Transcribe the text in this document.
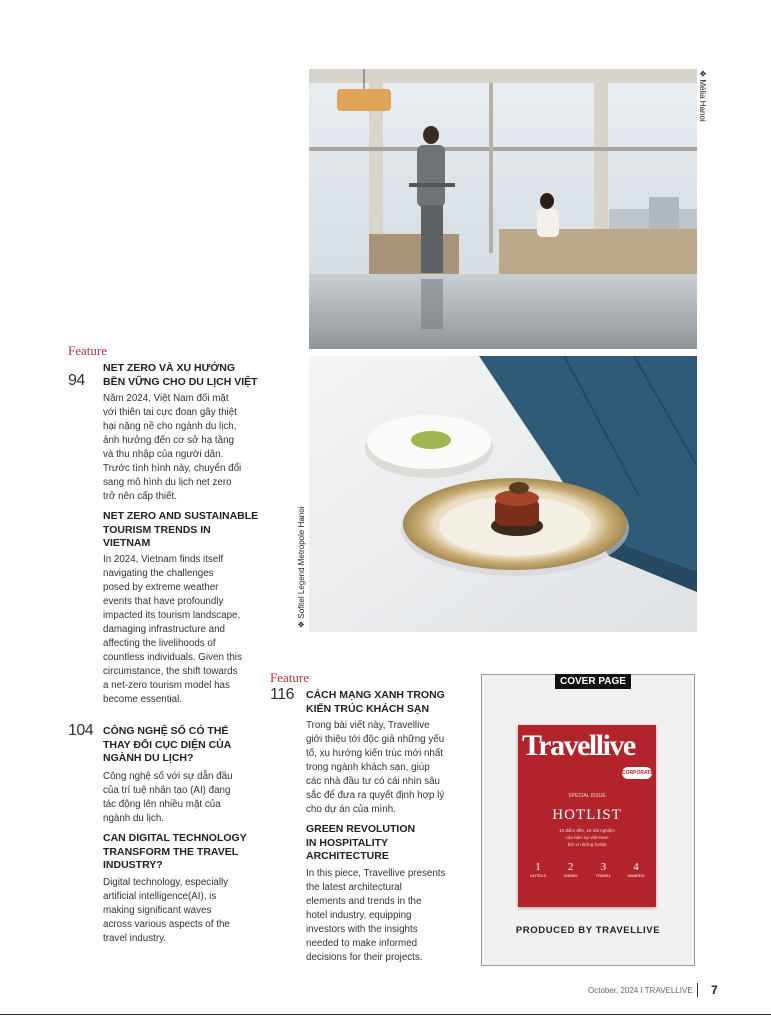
❖ Mélia Hanoi
❖ Sofitel Legend Metropole Hanoi
Feature
94
NET ZERO VÀ XU HƯỚNG
BỀN VỮNG CHO DU LỊCH VIỆT
Năm 2024, Việt Nam đối mặt
với thiên tai cực đoan gây thiệt
hại nặng nề cho ngành du lịch,
ảnh hưởng đến cơ sở hạ tầng
và thu nhập của người dân.
Trước tình hình này, chuyển đổi
sang mô hình du lịch net zero
trở nên cấp thiết.
NET ZERO AND SUSTAINABLE
TOURISM TRENDS IN
VIETNAM
In 2024, Vietnam finds itself
navigating the challenges
posed by extreme weather
events that have profoundly
impacted its tourism landscape,
damaging infrastructure and
affecting the livelihoods of
countless individuals. Given this
circumstance, the shift towards
a net-zero tourism model has
become essential.
104 CÔNG NGHỆ SỐ CÓ THỂ
THAY ĐỔI CỤC DIỆN CỦA
NGÀNH DU LỊCH?
Công nghệ số với sự dẫn đầu
của trí tuệ nhân tạo (AI) đang
tác động lên nhiều mặt của
ngành du lịch.
CAN DIGITAL TECHNOLOGY
TRANSFORM THE TRAVEL
INDUSTRY?
Digital technology, especially
artificial intelligence(AI), is
making significant waves
across various aspects of the
travel industry.
Feature
116 CÁCH MẠNG XANH TRONG
KIẾN TRÚC KHÁCH SẠN
Trong bài viết này, Travellive
giới thiệu tới độc giả những yếu
tố, xu hướng kiến trúc mới nhất
trong ngành khách sạn, giúp
các nhà đầu tư có cái nhìn sâu
sắc để đưa ra quyết định hợp lý
cho dự án của mình.
GREEN REVOLUTION
IN HOSPITALITY
ARCHITECTURE
In this piece, Travellive presents
the latest architectural
elements and trends in the
hotel industry, equipping
investors with the insights
needed to make informed
decisions for their projects.
COVER PAGE
Travellive
CORPORATE
SPECIAL ISSUE
HOTLIST
10 điểm đến, 10 trải nghiệm
của năm tại Việt Nam
bởi vì những hotlist
1
HOTELS
2
DINING
3
TRAVEL
4
AWARDS
PRODUCED BY TRAVELLIVE
October, 2024 I TRAVELLIVE 7
